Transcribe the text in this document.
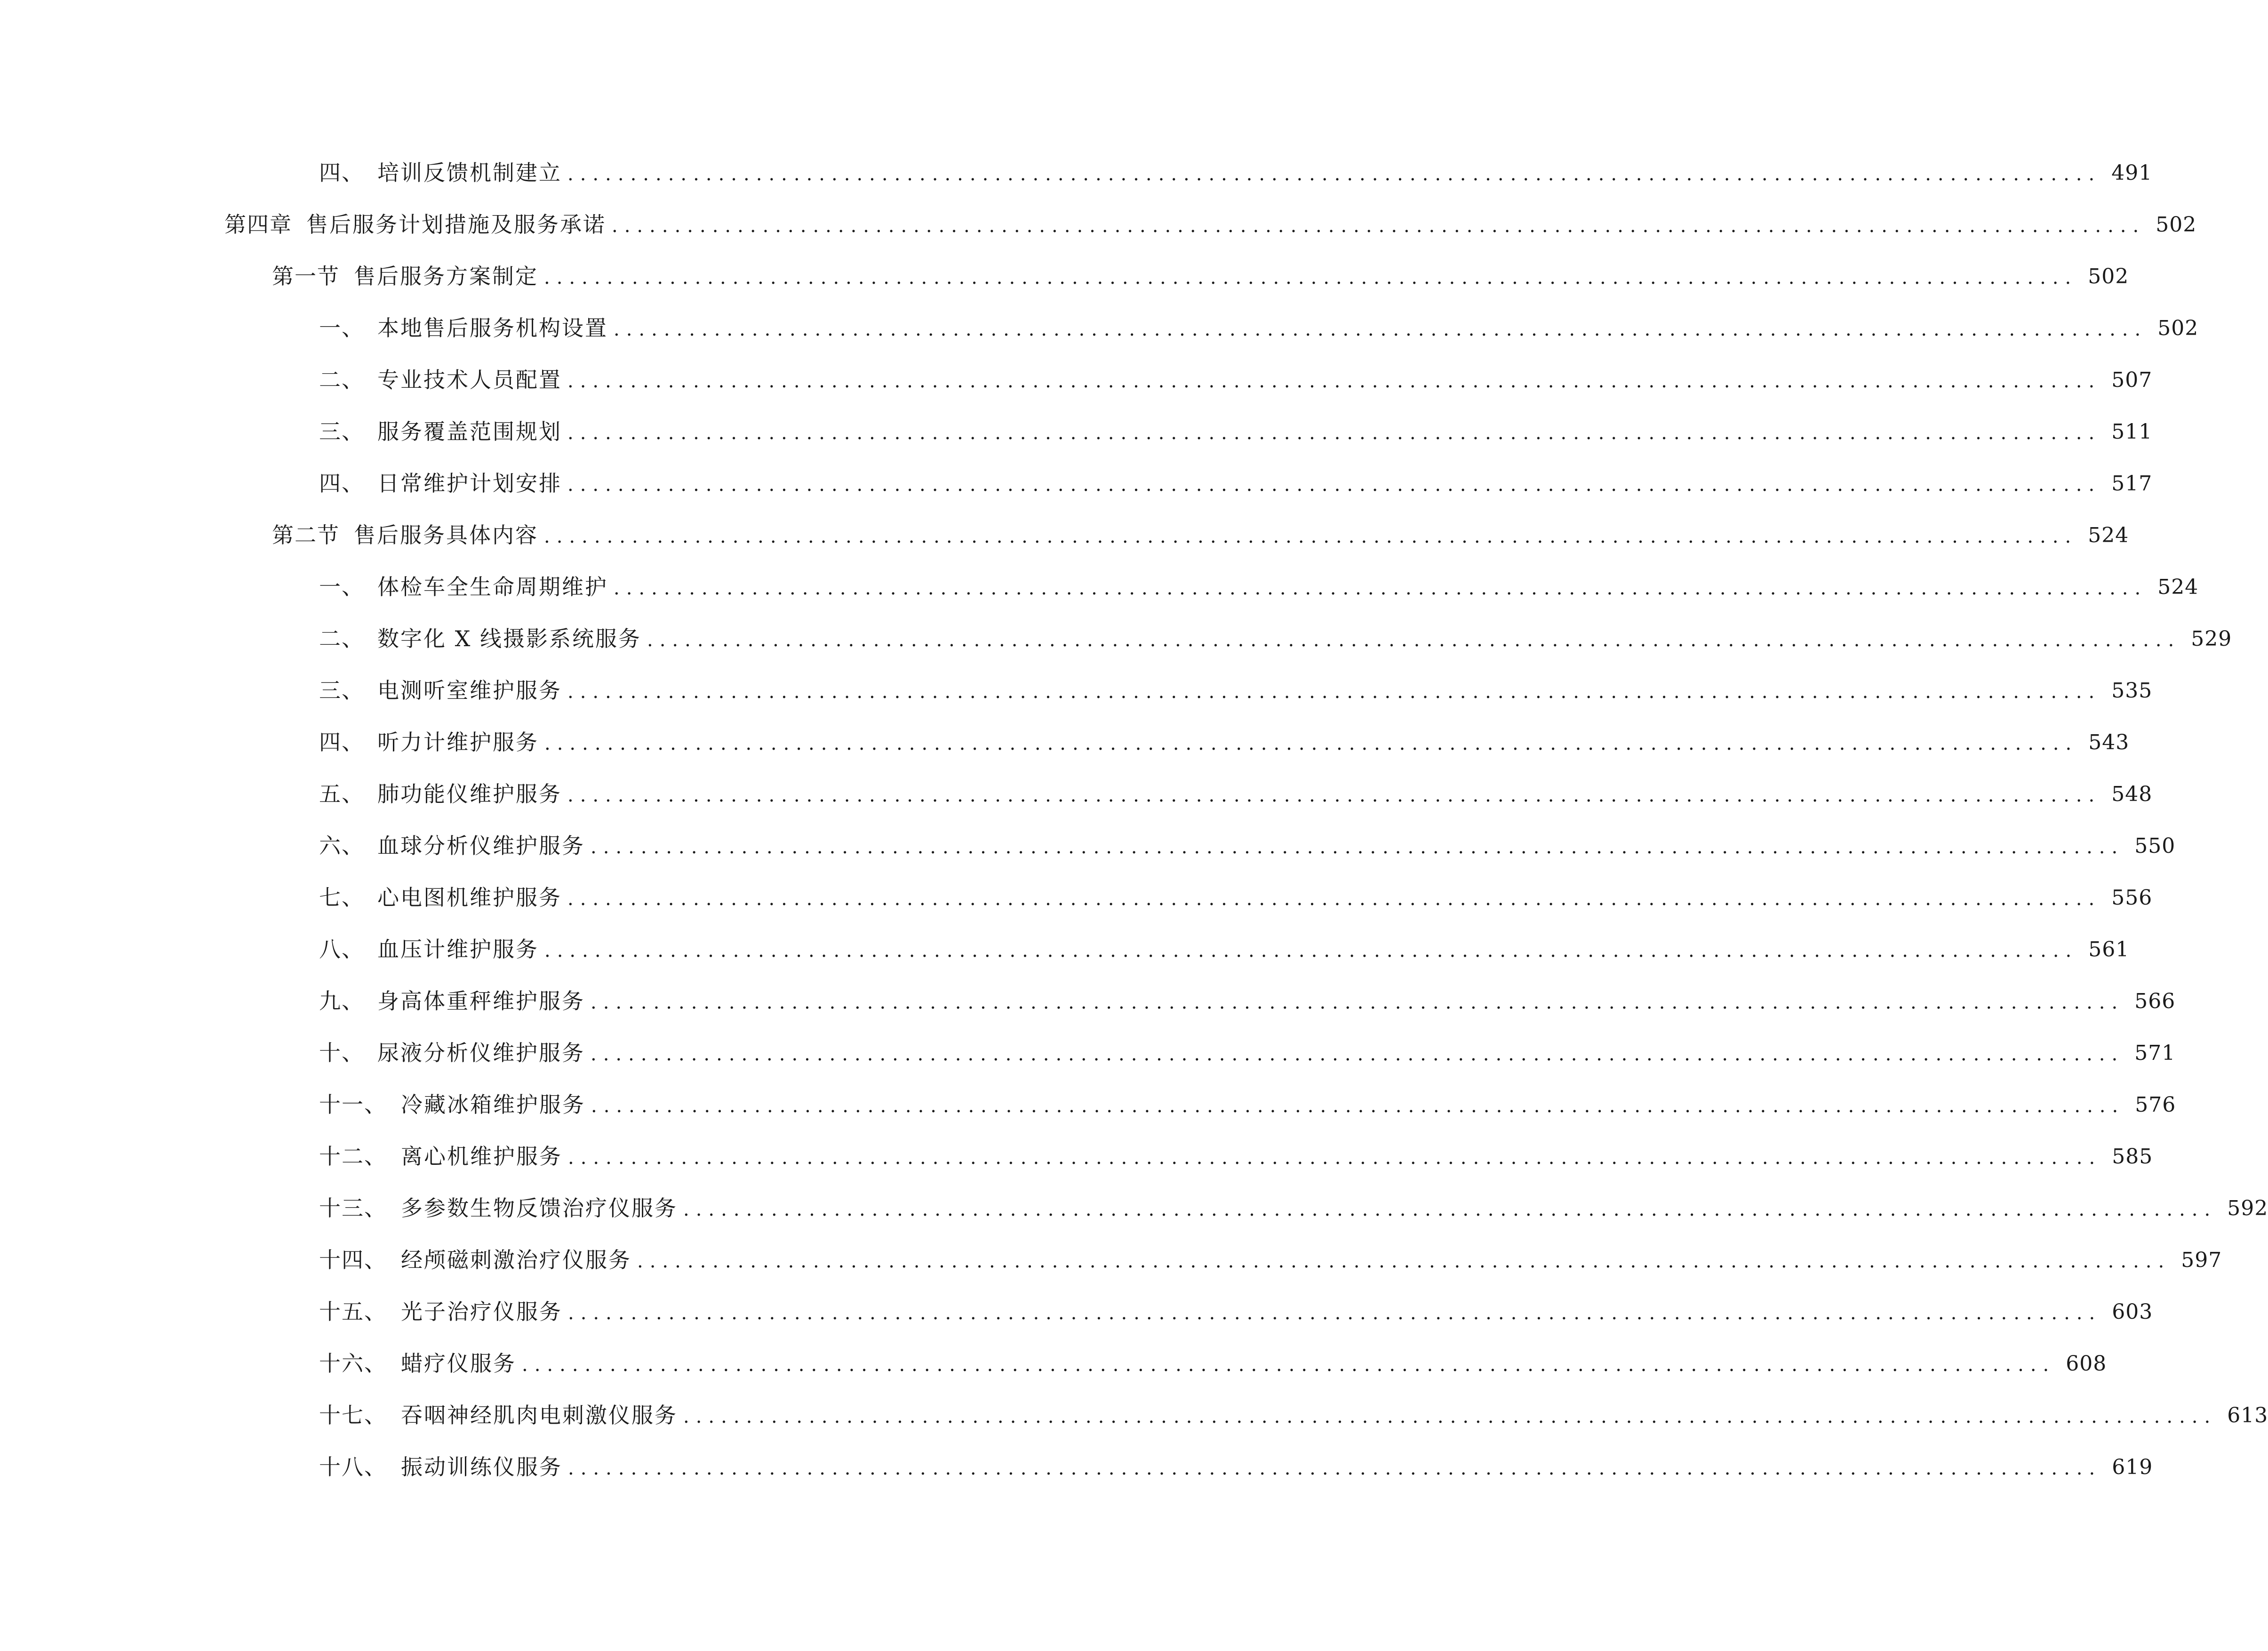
四、 培训反馈机制建立 .......................................................................................................................... 491
第四章 售后服务计划措施及服务承诺 .......................................................................................................................... 502
第一节 售后服务方案制定 .......................................................................................................................... 502
一、 本地售后服务机构设置 .......................................................................................................................... 502
二、 专业技术人员配置 .......................................................................................................................... 507
三、 服务覆盖范围规划 .......................................................................................................................... 511
四、 日常维护计划安排 .......................................................................................................................... 517
第二节 售后服务具体内容 .......................................................................................................................... 524
一、 体检车全生命周期维护 .......................................................................................................................... 524
二、 数字化 X 线摄影系统服务 .......................................................................................................................... 529
三、 电测听室维护服务 .......................................................................................................................... 535
四、 听力计维护服务 .......................................................................................................................... 543
五、 肺功能仪维护服务 .......................................................................................................................... 548
六、 血球分析仪维护服务 .......................................................................................................................... 550
七、 心电图机维护服务 .......................................................................................................................... 556
八、 血压计维护服务 .......................................................................................................................... 561
九、 身高体重秤维护服务 .......................................................................................................................... 566
十、 尿液分析仪维护服务 .......................................................................................................................... 571
十一、 冷藏冰箱维护服务 .......................................................................................................................... 576
十二、 离心机维护服务 .......................................................................................................................... 585
十三、 多参数生物反馈治疗仪服务 .......................................................................................................................... 592
十四、 经颅磁刺激治疗仪服务 .......................................................................................................................... 597
十五、 光子治疗仪服务 .......................................................................................................................... 603
十六、 蜡疗仪服务 .......................................................................................................................... 608
十七、 吞咽神经肌肉电刺激仪服务 .......................................................................................................................... 613
十八、 振动训练仪服务 .......................................................................................................................... 619
